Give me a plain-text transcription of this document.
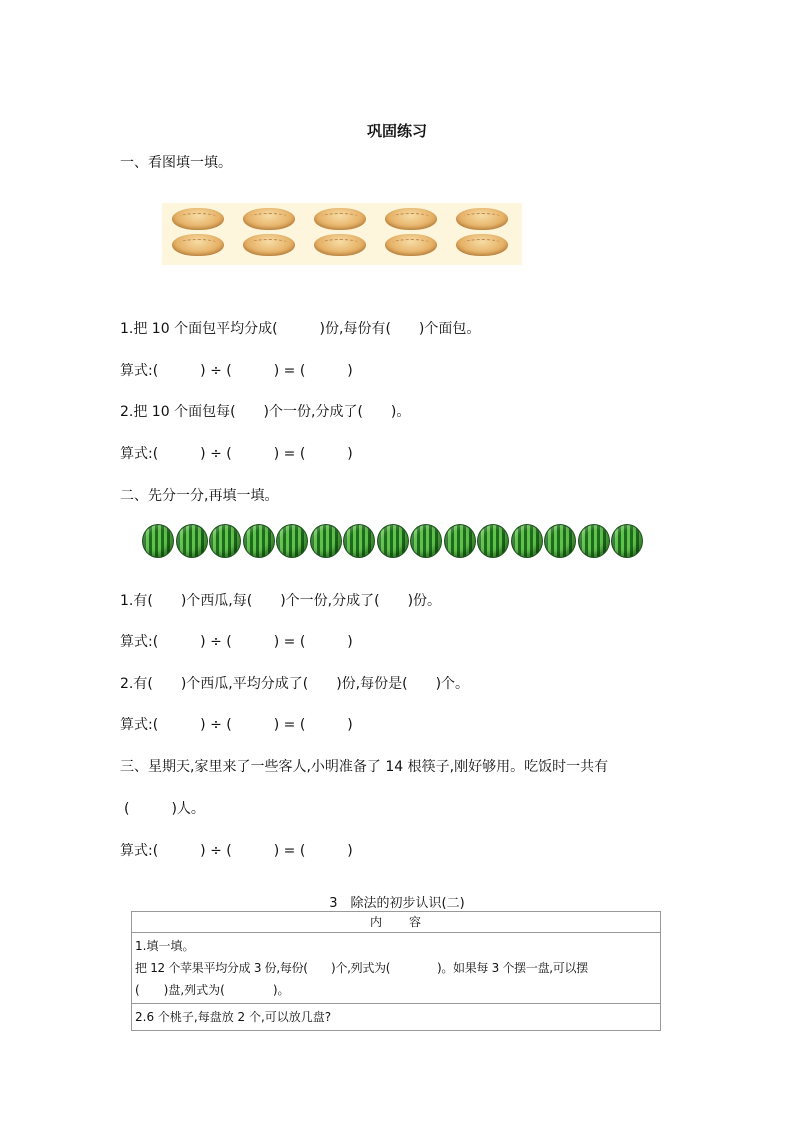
巩固练习
一、看图填一填。
1.把 10 个面包平均分成(　　　)份,每份有(　　)个面包。
算式:(　　　) ÷ (　　　) = (　　　)
2.把 10 个面包每(　　)个一份,分成了(　　)。
算式:(　　　) ÷ (　　　) = (　　　)
二、先分一分,再填一填。
1.有(　　)个西瓜,每(　　)个一份,分成了(　　)份。
算式:(　　　) ÷ (　　　) = (　　　)
2.有(　　)个西瓜,平均分成了(　　)份,每份是(　　)个。
算式:(　　　) ÷ (　　　) = (　　　)
三、星期天,家里来了一些客人,小明准备了 14 根筷子,刚好够用。吃饭时一共有
(　　　)人。
算式:(　　　) ÷ (　　　) = (　　　)
3　除法的初步认识(二)
内　　容

1.填一填。
把 12 个苹果平均分成 3 份,每份(　　)个,列式为(　　　　)。如果每 3 个摆一盘,可以摆
(　　)盘,列式为(　　　　)。

2.6 个桃子,每盘放 2 个,可以放几盘?
